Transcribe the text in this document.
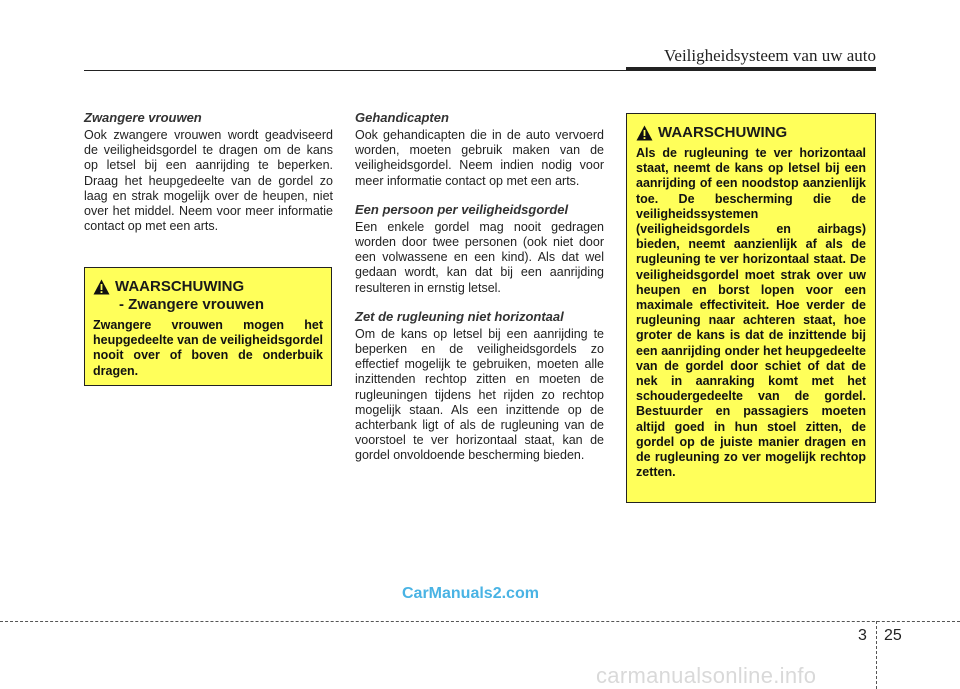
Veiligheidsysteem van uw auto
Zwangere vrouwen

Ook zwangere vrouwen wordt geadviseerd de veiligheidsgordel te dragen om de kans op letsel bij een aanrijding te beperken. Draag het heupgedeelte van de gordel zo laag en strak mogelijk over de heupen, niet over het middel. Neem voor meer informatie contact op met een arts.

WAARSCHUWING
- Zwangere vrouwen
Zwangere vrouwen mogen het heupgedeelte van de veiligheidsgordel nooit over of boven de onderbuik dragen.
Gehandicapten

Ook gehandicapten die in de auto vervoerd worden, moeten gebruik maken van de veiligheidsgordel. Neem indien nodig voor meer informatie contact op met een arts.

Een persoon per veiligheidsgordel

Een enkele gordel mag nooit gedragen worden door twee personen (ook niet door een volwassene en een kind). Als dat wel gedaan wordt, kan dat bij een aanrijding resulteren in ernstig letsel.

Zet de rugleuning niet horizontaal

Om de kans op letsel bij een aanrijding te beperken en de veiligheidsgordels zo effectief mogelijk te gebruiken, moeten alle inzittenden rechtop zitten en moeten de rugleuningen tijdens het rijden zo rechtop mogelijk staan. Als een inzittende op de achterbank ligt of als de rugleuning van de voorstoel te ver horizontaal staat, kan de gordel onvoldoende bescherming bieden.

WAARSCHUWING
Als de rugleuning te ver horizontaal staat, neemt de kans op letsel bij een aanrijding of een noodstop aanzienlijk toe. De bescherming die de veiligheidssystemen (veiligheidsgordels en airbags) bieden, neemt aanzienlijk af als de rugleuning te ver horizontaal staat. De veiligheidsgordel moet strak over uw heupen en borst lopen voor een maximale effectiviteit. Hoe verder de rugleuning naar achteren staat, hoe groter de kans is dat de inzittende bij een aanrijding onder het heupgedeelte van de gordel door schiet of dat de nek in aanraking komt met het schoudergedeelte van de gordel. Bestuurder en passagiers moeten altijd goed in hun stoel zitten, de gordel op de juiste manier dragen en de rugleuning zo ver mogelijk rechtop zetten.
CarManuals2.com
3 25
carmanualsonline.info
